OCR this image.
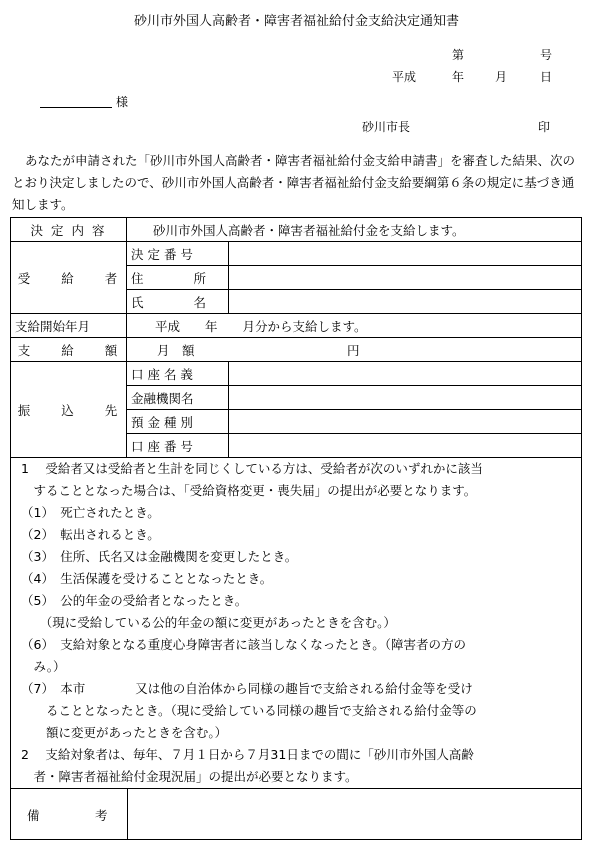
砂川市外国人高齢者・障害者福祉給付金支給決定通知書
第	号
平成	年	月	日
様
砂川市長	印
あなたが申請された「砂川市外国人高齢者・障害者福祉給付金支給申請書」を審査した結果、次のとおり決定しましたので、砂川市外国人高齢者・障害者福祉給付金支給要綱第６条の規定に基づき通知します。
決 定 内 容	砂川市外国人高齢者・障害者福祉給付金を支給します。	
受　　給　　者	決 定 番 号	
	住　　　　所	
	氏　　　　名	
支給開始年月	平成　　年　　月分から支給します。	
支　　給　　額	月　額 円	
振　　込　　先	口 座 名 義	
	金融機関名	
	預 金 種 別	
	口 座 番 号	
1　 受給者又は受給者と生計を同じくしている方は、受給者が次のいずれかに該当
　することとなった場合は、「受給資格変更・喪失届」の提出が必要となります。
（1）　死亡されたとき。
（2）　転出されるとき。
（3）　住所、氏名又は金融機関を変更したとき。
（4）　生活保護を受けることとなったとき。
（5）　公的年金の受給者となったとき。
　　（現に受給している公的年金の額に変更があったときを含む。）
（6）　支給対象となる重度心身障害者に該当しなくなったとき。（障害者の方の
　み。）
（7）　本市　　　　又は他の自治体から同様の趣旨で支給される給付金等を受け
　　ることとなったとき。（現に受給している同様の趣旨で支給される給付金等の
　　額に変更があったときを含む。）
2　 支給対象者は、毎年、７月１日から７月31日までの間に「砂川市外国人高齢
　者・障害者福祉給付金現況届」の提出が必要となります。
備	考
